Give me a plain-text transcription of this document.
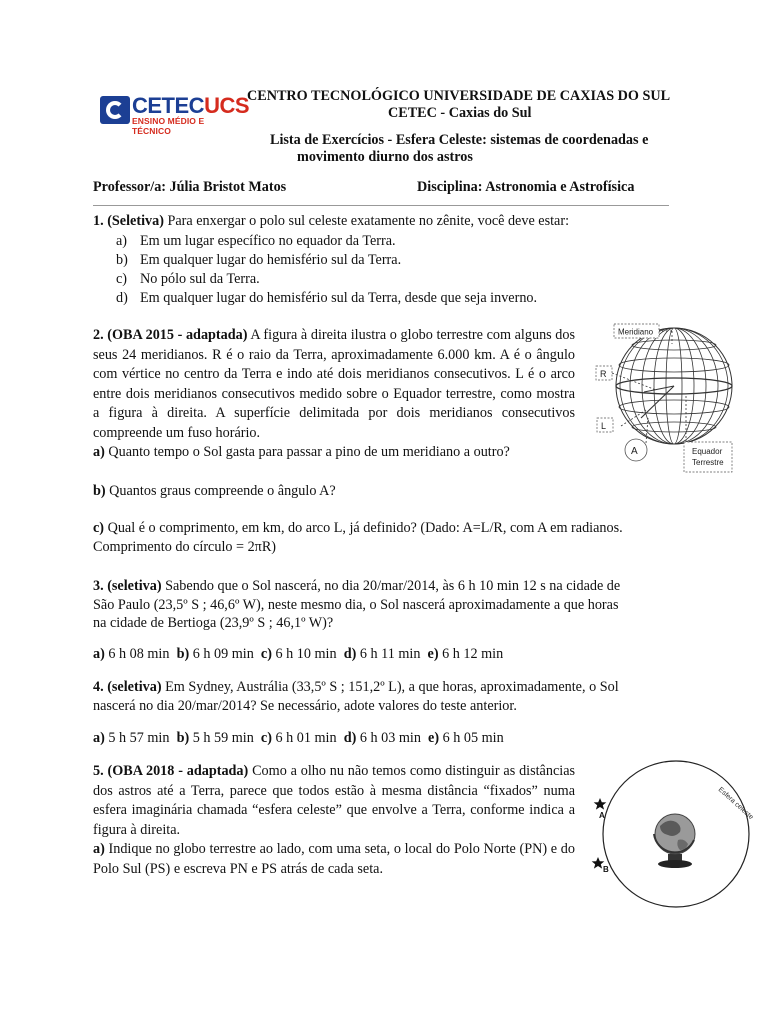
CETECUCS
ENSINO MÉDIO E TÉCNICO
CENTRO TECNOLÓGICO UNIVERSIDADE DE CAXIAS DO SUL
CETEC - Caxias do Sul
Lista de Exercícios - Esfera Celeste: sistemas de coordenadas e
movimento diurno dos astros
Professor/a: Júlia Bristot Matos	Disciplina: Astronomia e Astrofísica
1. (Seletiva) Para enxergar o polo sul celeste exatamente no zênite, você deve estar:
a) Em um lugar específico no equador da Terra.
b) Em qualquer lugar do hemisfério sul da Terra.
c) No pólo sul da Terra.
d) Em qualquer lugar do hemisfério sul da Terra, desde que seja inverno.
2. (OBA 2015 - adaptada) A figura à direita ilustra o globo terrestre com alguns dos seus 24 meridianos. R é o raio da Terra, aproximadamente 6.000 km. A é o ângulo com vértice no centro da Terra e indo até dois meridianos consecutivos. L é o arco entre dois meridianos consecutivos medido sobre o Equador terrestre, como mostra a figura à direita. A superfície delimitada por dois meridianos consecutivos compreende um fuso horário.
a) Quanto tempo o Sol gasta para passar a pino de um meridiano a outro?
b) Quantos graus compreende o ângulo A?
c) Qual é o comprimento, em km, do arco L, já definido? (Dado: A=L/R, com A em radianos.
Comprimento do círculo = 2πR)
Meridiano
R
L
A	Equador
Terrestre
3. (seletiva) Sabendo que o Sol nascerá, no dia 20/mar/2014, às 6 h 10 min 12 s na cidade de
São Paulo (23,5º S ; 46,6º W), neste mesmo dia, o Sol nascerá aproximadamente a que horas
na cidade de Bertioga (23,9º S ; 46,1º W)?
a) 6 h 08 min b) 6 h 09 min c) 6 h 10 min d) 6 h 11 min e) 6 h 12 min
4. (seletiva) Em Sydney, Austrália (33,5º S ; 151,2º L), a que horas, aproximadamente, o Sol
nascerá no dia 20/mar/2014? Se necessário, adote valores do teste anterior.
a) 5 h 57 min b) 5 h 59 min c) 6 h 01 min d) 6 h 03 min e) 6 h 05 min
5. (OBA 2018 - adaptada) Como a olho nu não temos como distinguir as distâncias dos astros até a Terra, parece que todos estão à mesma distância “fixados” numa esfera imaginária chamada “esfera celeste” que envolve a Terra, conforme indica a figura à direita.
a) Indique no globo terrestre ao lado, com uma seta, o local do Polo Norte (PN) e do Polo Sul (PS) e escreva PN e PS atrás de cada seta.
Esfera celeste
A
B
